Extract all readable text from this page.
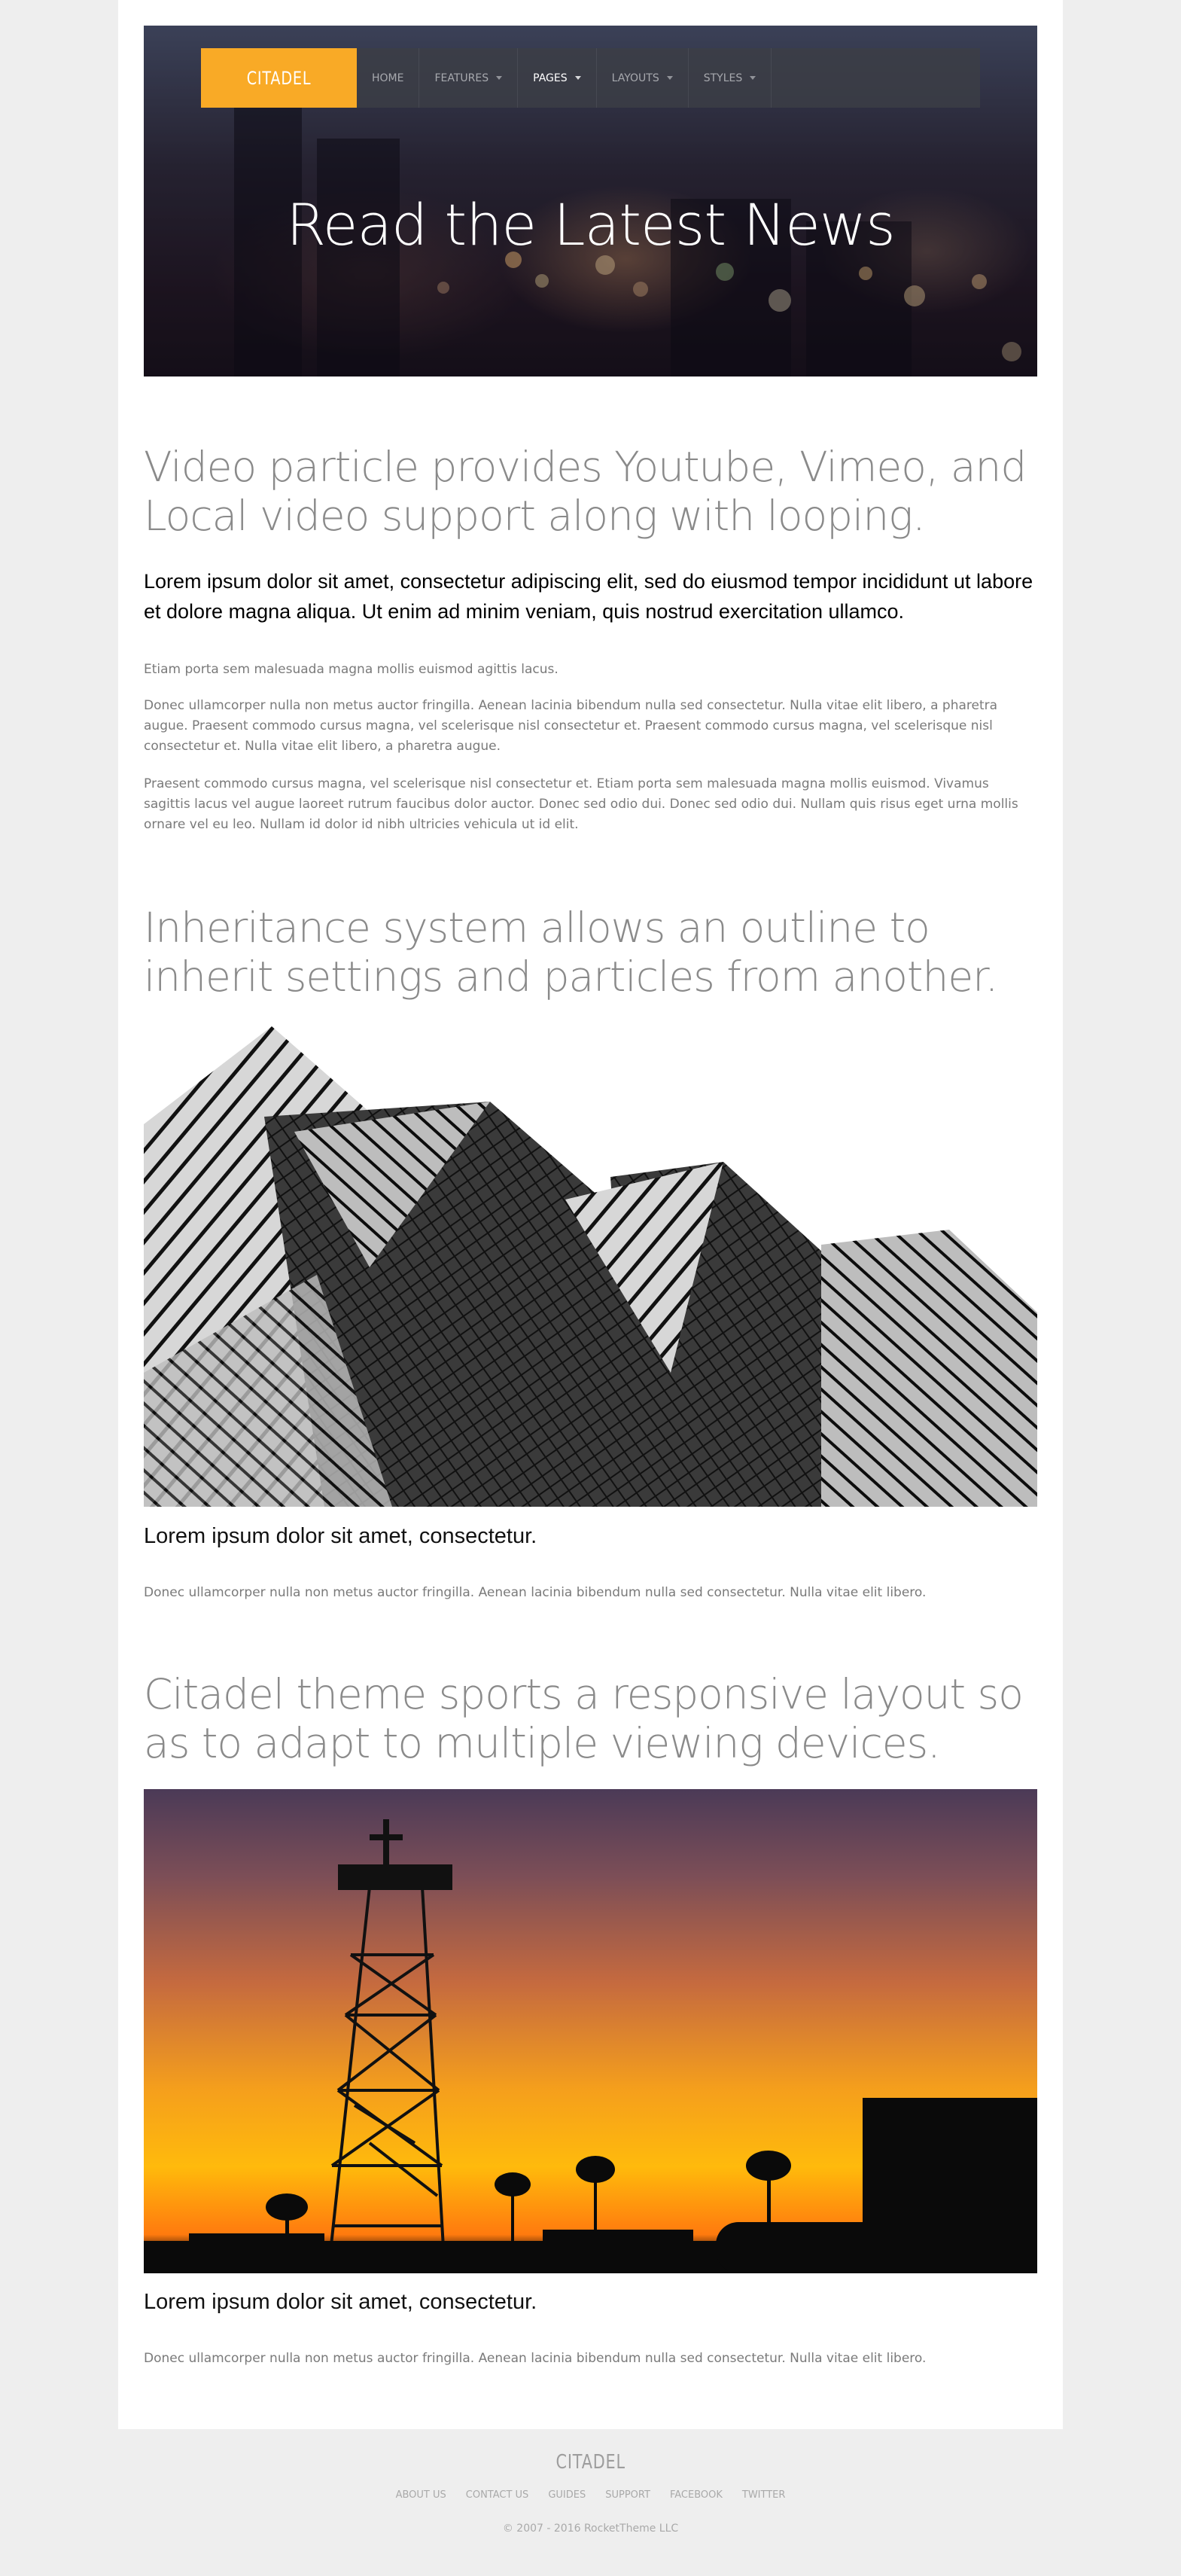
CITADEL	HOME	FEATURES	PAGES	LAYOUTS	STYLES
Read the Latest News
Video particle provides Youtube, Vimeo, and Local video support along with looping.
Lorem ipsum dolor sit amet, consectetur adipiscing elit, sed do eiusmod tempor incididunt ut labore et dolore magna aliqua. Ut enim ad minim veniam, quis nostrud exercitation ullamco.
Etiam porta sem malesuada magna mollis euismod agittis lacus.
Donec ullamcorper nulla non metus auctor fringilla. Aenean lacinia bibendum nulla sed consectetur. Nulla vitae elit libero, a pharetra augue. Praesent commodo cursus magna, vel scelerisque nisl consectetur et. Praesent commodo cursus magna, vel scelerisque nisl consectetur et. Nulla vitae elit libero, a pharetra augue.
Praesent commodo cursus magna, vel scelerisque nisl consectetur et. Etiam porta sem malesuada magna mollis euismod. Vivamus sagittis lacus vel augue laoreet rutrum faucibus dolor auctor. Donec sed odio dui. Donec sed odio dui. Nullam quis risus eget urna mollis ornare vel eu leo. Nullam id dolor id nibh ultricies vehicula ut id elit.
Inheritance system allows an outline to inherit settings and particles from another.
Lorem ipsum dolor sit amet, consectetur.
Donec ullamcorper nulla non metus auctor fringilla. Aenean lacinia bibendum nulla sed consectetur. Nulla vitae elit libero.
Citadel theme sports a responsive layout so as to adapt to multiple viewing devices.
Lorem ipsum dolor sit amet, consectetur.
Donec ullamcorper nulla non metus auctor fringilla. Aenean lacinia bibendum nulla sed consectetur. Nulla vitae elit libero.
CITADEL
ABOUT US CONTACT US GUIDES SUPPORT FACEBOOK TWITTER
© 2007 - 2016 RocketTheme LLC
